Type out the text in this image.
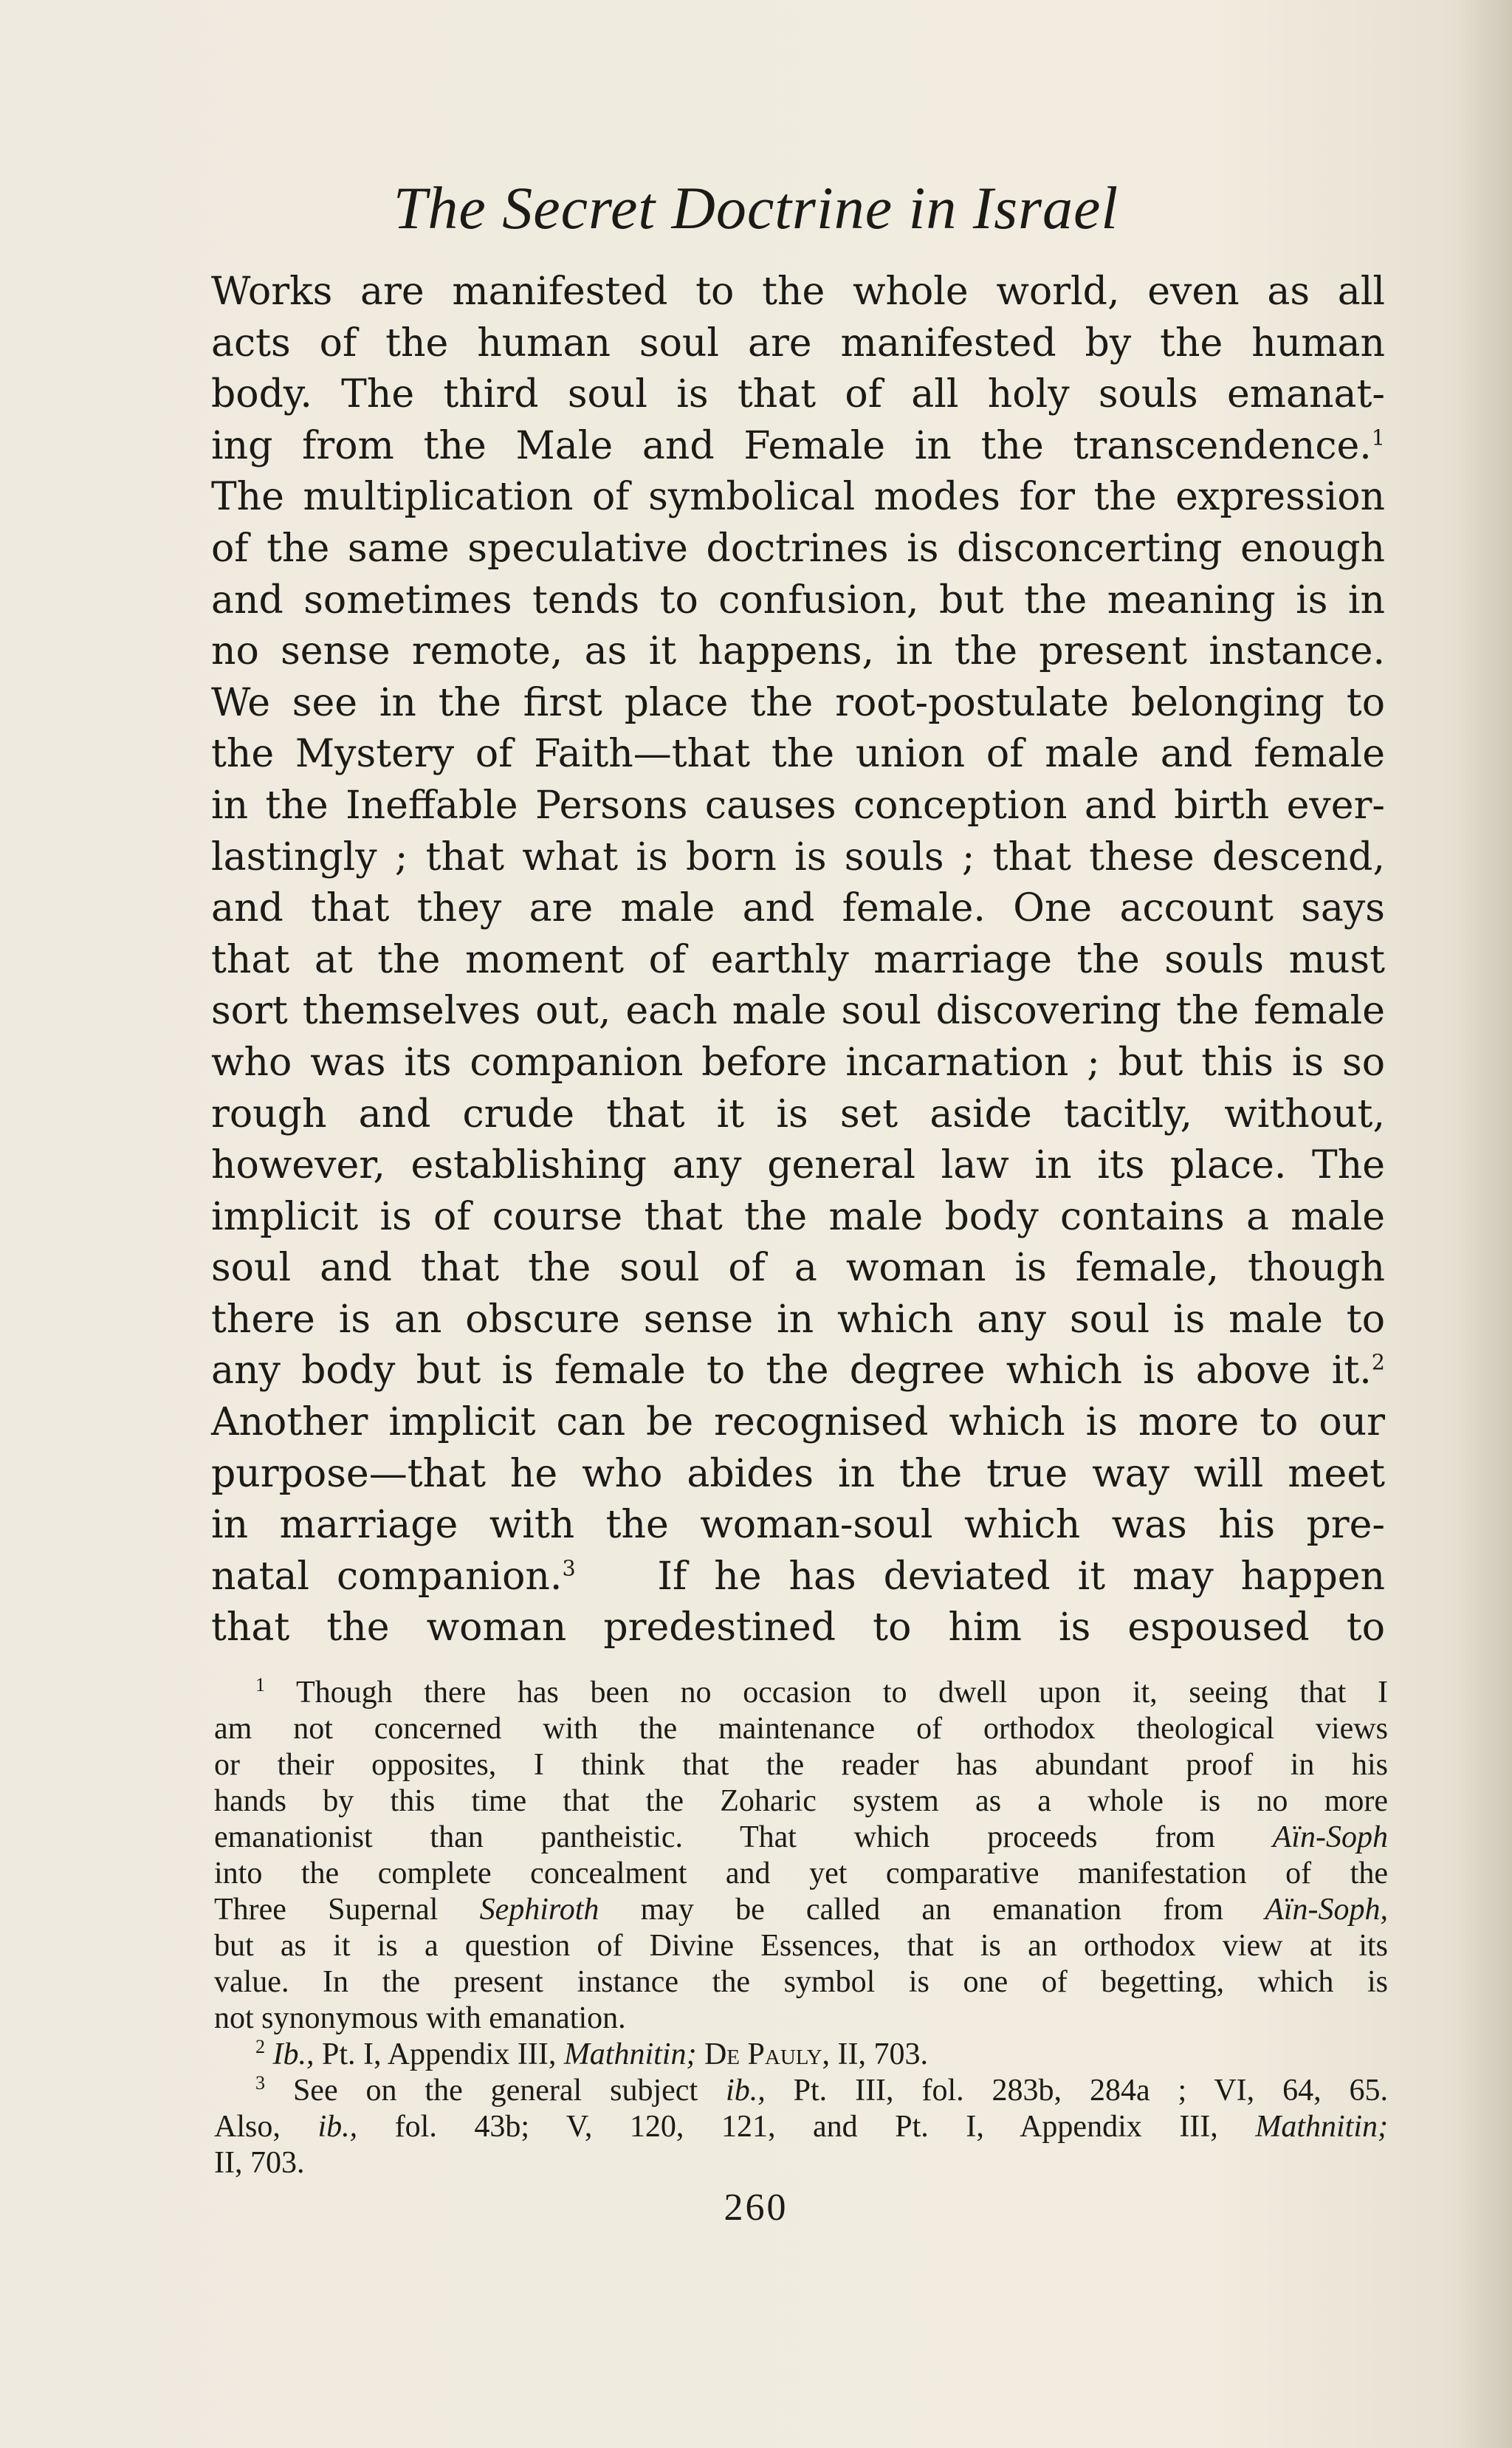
The Secret Doctrine in Israel
Works are manifested to the whole world, even as all
acts of the human soul are manifested by the human
body. The third soul is that of all holy souls emanat-
ing from the Male and Female in the transcendence.$^1$
The multiplication of symbolical modes for the expression
of the same speculative doctrines is disconcerting enough
and sometimes tends to confusion, but the meaning is in
no sense remote, as it happens, in the present instance.
We see in the first place the root-postulate belonging to
the Mystery of Faith—that the union of male and female
in the Ineffable Persons causes conception and birth ever-
lastingly ; that what is born is souls ; that these descend,
and that they are male and female. One account says
that at the moment of earthly marriage the souls must
sort themselves out, each male soul discovering the female
who was its companion before incarnation ; but this is so
rough and crude that it is set aside tacitly, without,
however, establishing any general law in its place. The
implicit is of course that the male body contains a male
soul and that the soul of a woman is female, though
there is an obscure sense in which any soul is male to
any body but is female to the degree which is above it.$^2$
Another implicit can be recognised which is more to our
purpose—that he who abides in the true way will meet
in marriage with the woman-soul which was his pre-
natal companion.$^3$ If he has deviated it may happen
that the woman predestined to him is espoused to
$^1$ Though there has been no occasion to dwell upon it, seeing that I
am not concerned with the maintenance of orthodox theological views
or their opposites, I think that the reader has abundant proof in his
hands by this time that the Zoharic system as a whole is no more
emanationist than pantheistic. That which proceeds from Aïn-Soph
into the complete concealment and yet comparative manifestation of the
Three Supernal Sephiroth may be called an emanation from Aïn-Soph,
but as it is a question of Divine Essences, that is an orthodox view at its
value. In the present instance the symbol is one of begetting, which is
not synonymous with emanation.
$^2$ Ib., Pt. I, Appendix III, Mathnitin; De Pauly, II, 703.
$^3$ See on the general subject ib., Pt. III, fol. 283b, 284a ; VI, 64, 65.
Also, ib., fol. 43b; V, 120, 121, and Pt. I, Appendix III, Mathnitin;
II, 703.
260
